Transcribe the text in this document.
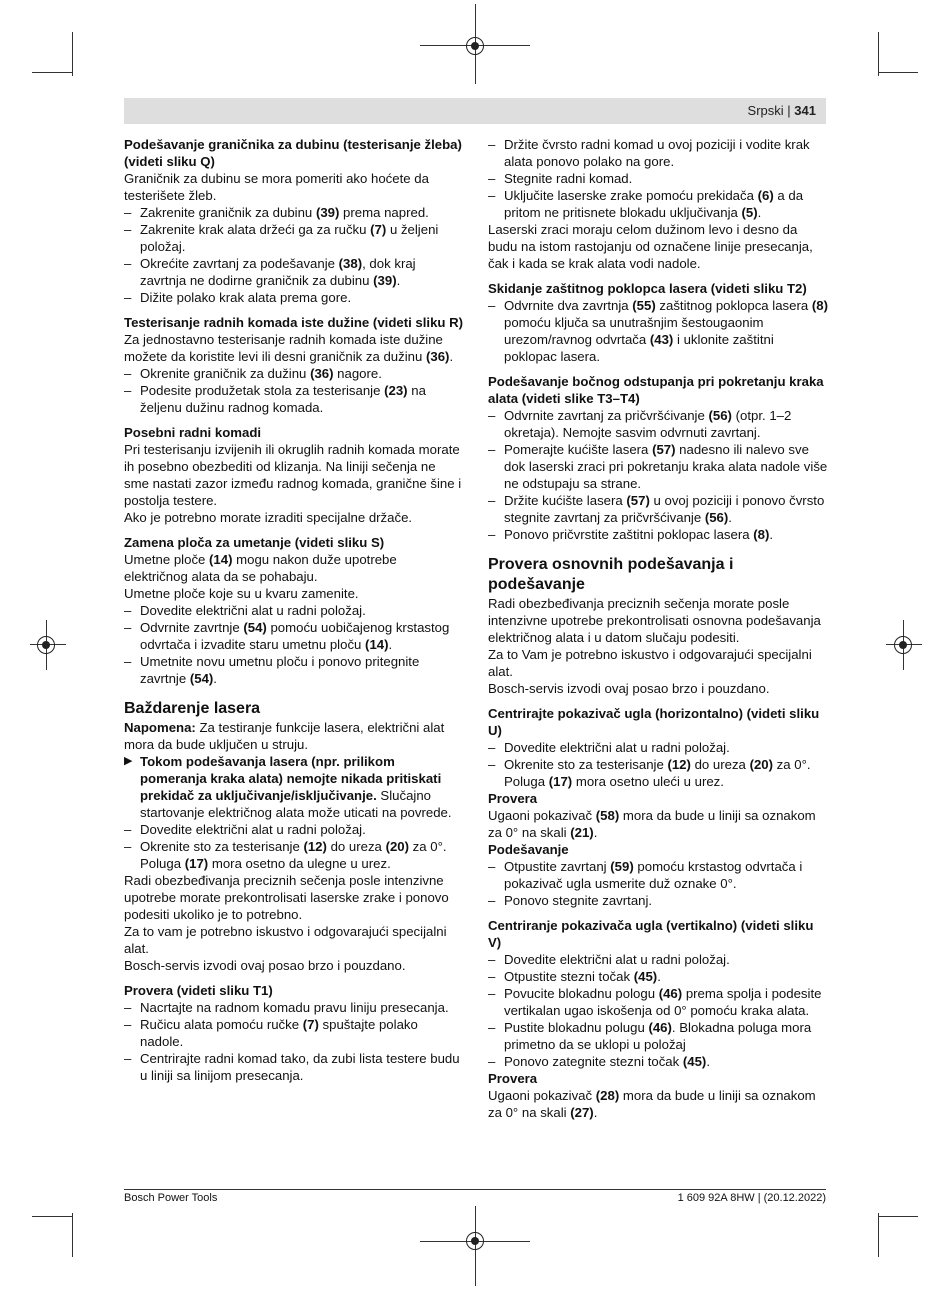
Srpski | 341

Podešavanje graničnika za dubinu (testerisanje žleba) (videti sliku Q)

Graničnik za dubinu se mora pomeriti ako hoćete da testerišete žleb.

– Zakrenite graničnik za dubinu (39) prema napred.

– Zakrenite krak alata držeći ga za ručku (7) u željeni položaj.

– Okrećite zavrtanj za podešavanje (38), dok kraj zavrtnja ne dodirne graničnik za dubinu (39).

– Dižite polako krak alata prema gore.

Testerisanje radnih komada iste dužine (videti sliku R)

Za jednostavno testerisanje radnih komada iste dužine možete da koristite levi ili desni graničnik za dužinu (36).

– Okrenite graničnik za dužinu (36) nagore.

– Podesite produžetak stola za testerisanje (23) na željenu dužinu radnog komada.

Posebni radni komadi

Pri testerisanju izvijenih ili okruglih radnih komada morate ih posebno obezbediti od klizanja. Na liniji sečenja ne sme nastati zazor između radnog komada, graničnе šine i postolja testere.

Ako je potrebno morate izraditi specijalne držače.

Zamena ploča za umetanje (videti sliku S)

Umetne ploče (14) mogu nakon duže upotrebe električnog alata da se pohabaju.

Umetne ploče koje su u kvaru zamenite.

– Dovedite električni alat u radni položaj.

– Odvrnite zavrtnje (54) pomoću uobičajenog krstastog odvrtača i izvadite staru umetnu ploču (14).

– Umetnite novu umetnu ploču i ponovo pritegnite zavrtnje (54).

Baždarenje lasera

Napomena: Za testiranje funkcije lasera, električni alat mora da bude uključen u struju.

▶ Tokom podešavanja lasera (npr. prilikom pomeranja kraka alata) nemojte nikada pritiskati prekidač za uključivanje/isključivanje. Slučajno startovanje električnog alata može uticati na povrede.

– Dovedite električni alat u radni položaj.

– Okrenite sto za testerisanje (12) do ureza (20) za 0°. Poluga (17) mora osetno da ulegne u urez.

Radi obezbeđivanja preciznih sečenja posle intenzivne upotrebe morate prekontrolisati laserske zrake i ponovo podesiti ukoliko je to potrebno.

Za to vam je potrebno iskustvo i odgovarajući specijalni alat.

Bosch-servis izvodi ovaj posao brzo i pouzdano.

Provera (videti sliku T1)

– Nacrtajte na radnom komadu pravu liniju presecanja.

– Ručicu alata pomoću ručke (7) spuštajte polako nadole.

– Centrirajte radni komad tako, da zubi lista testere budu u liniji sa linijom presecanja.

– Držite čvrsto radni komad u ovoj poziciji i vodite krak alata ponovo polako na gore.

– Stegnite radni komad.

– Uključite laserske zrake pomoću prekidača (6) a da pritom ne pritisnete blokadu uključivanja (5).

Laserski zraci moraju celom dužinom levo i desno da budu na istom rastojanju od označene linije presecanja, čak i kada se krak alata vodi nadole.

Skidanje zaštitnog poklopca lasera (videti sliku T2)

– Odvrnite dva zavrtnja (55) zaštitnog poklopca lasera (8) pomoću ključa sa unutrašnjim šestougaonim urezom/ravnog odvrtača (43) i uklonite zaštitni poklopac lasera.

Podešavanje bočnog odstupanja pri pokretanju kraka alata (videti slike T3–T4)

– Odvrnite zavrtanj za pričvršćivanje (56) (otpr. 1–2 okretaja). Nemojte sasvim odvrnuti zavrtanj.

– Pomerajte kućište lasera (57) nadesno ili nalevo sve dok laserski zraci pri pokretanju kraka alata nadole više ne odstupaju sa strane.

– Držite kućište lasera (57) u ovoj poziciji i ponovo čvrsto stegnite zavrtanj za pričvršćivanje (56).

– Ponovo pričvrstite zaštitni poklopac lasera (8).

Provera osnovnih podešavanja i podešavanje

Radi obezbeđivanja preciznih sečenja morate posle intenzivne upotrebe prekontrolisati osnovna podešavanja električnog alata i u datom slučaju podesiti.

Za to Vam je potrebno iskustvo i odgovarajući specijalni alat.

Bosch-servis izvodi ovaj posao brzo i pouzdano.

Centrirajte pokazivač ugla (horizontalno) (videti sliku U)

– Dovedite električni alat u radni položaj.

– Okrenite sto za testerisanje (12) do ureza (20) za 0°. Poluga (17) mora osetno uleći u urez.

Provera

Ugaoni pokazivač (58) mora da bude u liniji sa oznakom za 0° na skali (21).

Podešavanje

– Otpustite zavrtanj (59) pomoću krstastog odvrtača i pokazivač ugla usmerite duž oznake 0°.

– Ponovo stegnite zavrtanj.

Centriranje pokazivača ugla (vertikalno) (videti sliku V)

– Dovedite električni alat u radni položaj.

– Otpustite stezni točak (45).

– Povucite blokadnu pologu (46) prema spolja i podesite vertikalan ugao iskošenja od 0° pomoću kraka alata.

– Pustite blokadnu polugu (46). Blokadna poluga mora primetno da se uklopi u položaj

– Ponovo zategnite stezni točak (45).

Provera

Ugaoni pokazivač (28) mora da bude u liniji sa oznakom za 0° na skali (27).

Bosch Power Tools	1 609 92A 8HW | (20.12.2022)
